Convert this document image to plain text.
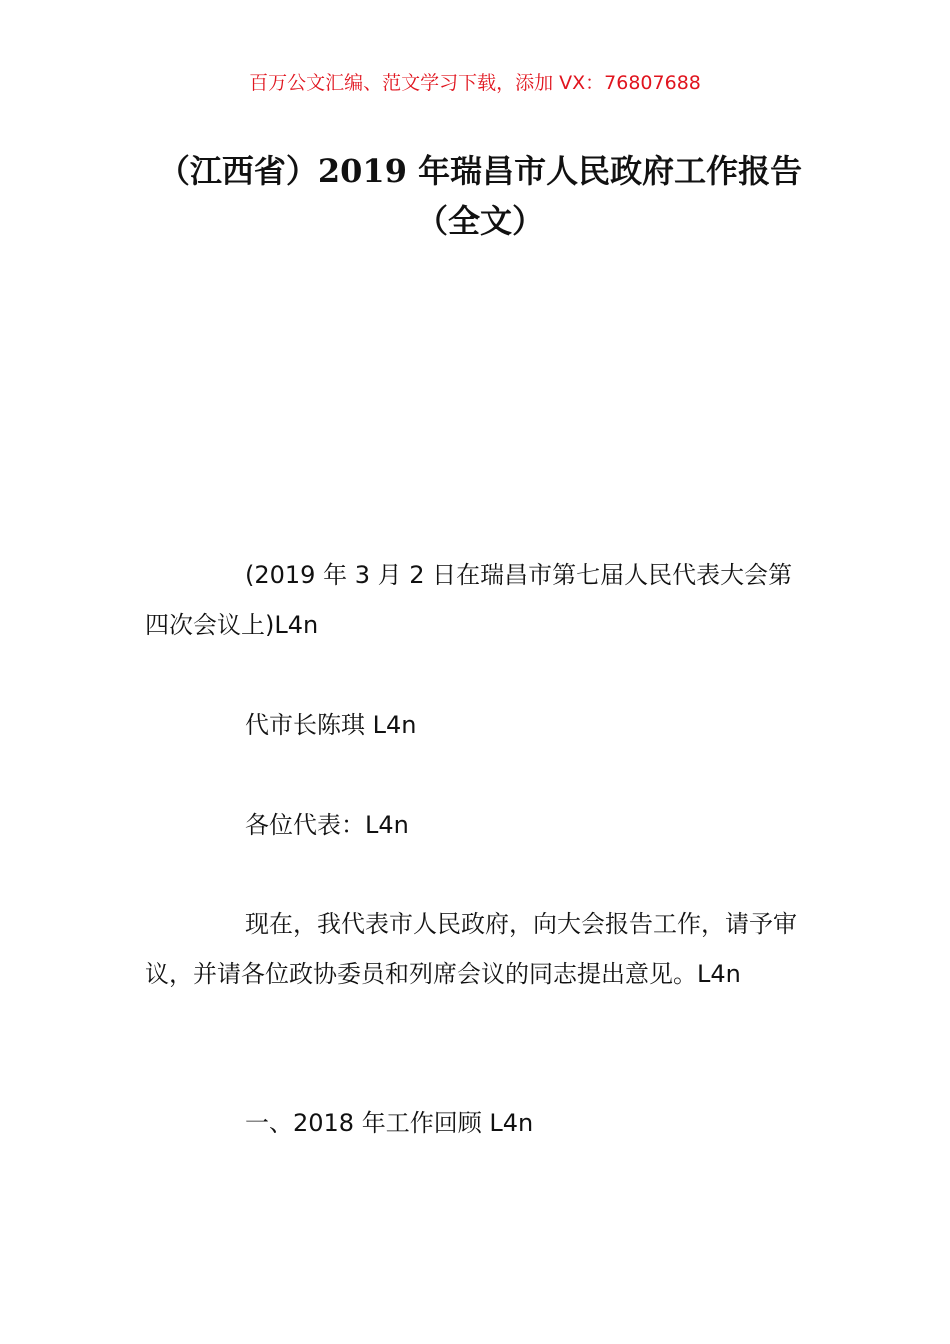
百万公文汇编、范文学习下载，添加 VX：76807688
（江西省）2019 年瑞昌市人民政府工作报告（全文）

(2019 年 3 月 2 日在瑞昌市第七届人民代表大会第四次会议上)L4n

代市长陈琪 L4n

各位代表：L4n

现在，我代表市人民政府，向大会报告工作，请予审议，并请各位政协委员和列席会议的同志提出意见。L4n

一、2018 年工作回顾 L4n
